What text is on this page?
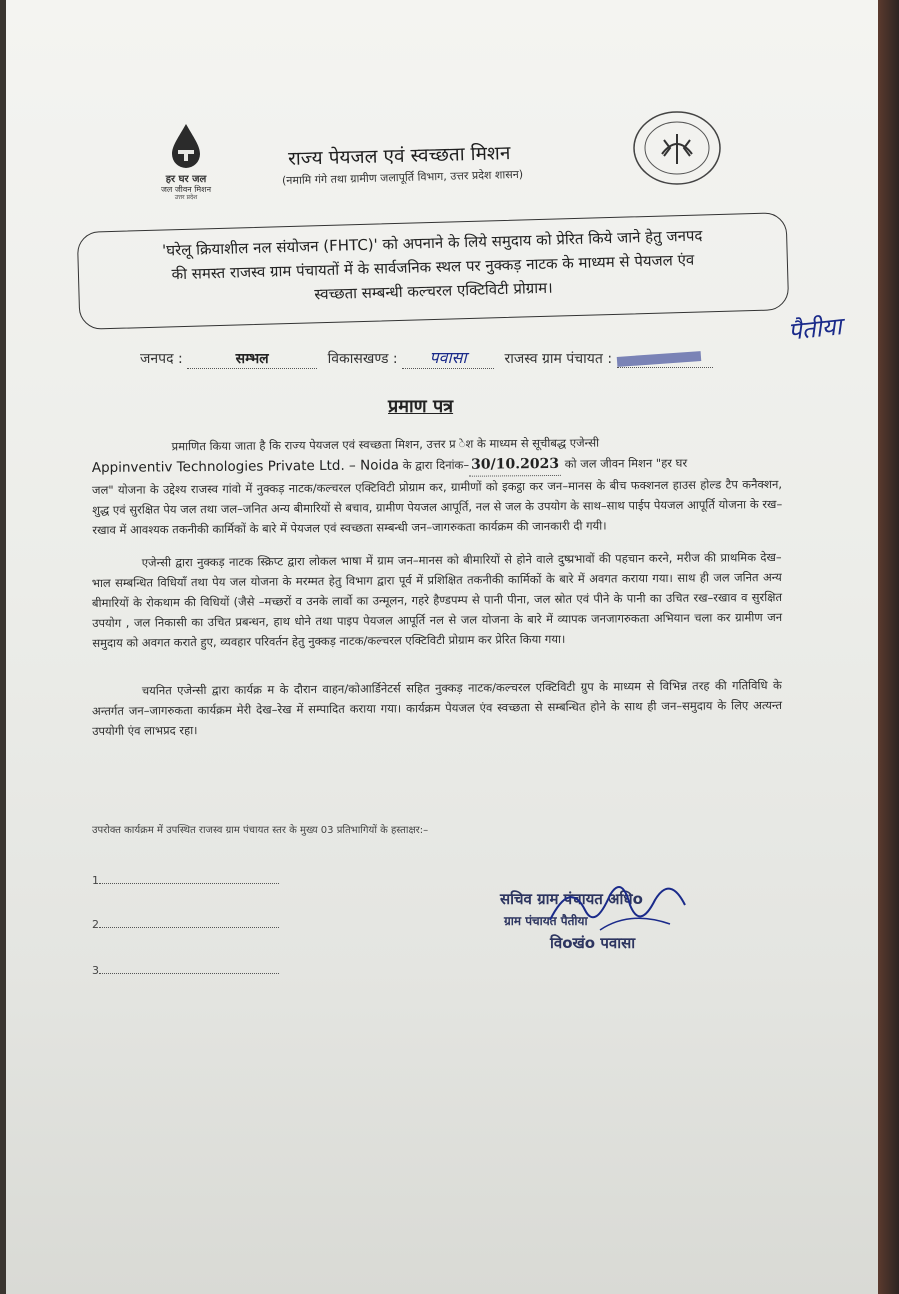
हर घर जल
जल जीवन मिशन
उत्तर प्रदेश
राज्य पेयजल एवं स्वच्छता मिशन
(नमामि गंगे तथा ग्रामीण जलापूर्ति विभाग, उत्तर प्रदेश शासन)

'घरेलू क्रियाशील नल संयोजन (FHTC)' को अपनाने के लिये समुदाय को प्रेरित किये जाने हेतु जनपद
की समस्त राजस्व ग्राम पंचायतों में के सार्वजनिक स्थल पर नुक्कड़ नाटक के माध्यम से पेयजल एंव
स्वच्छता सम्बन्धी कल्चरल एक्टिविटी प्रोग्राम।

जनपद :	सम्भल	विकासखण्ड : पवासा	राजस्व ग्राम पंचायत :
पैतीया
प्रमाण पत्र

प्रमाणित किया जाता है कि राज्य पेयजल एवं स्वच्छता मिशन, उत्तर प्र ेश के माध्यम से सूचीबद्ध एजेन्सी

Appinventiv Technologies Private Ltd. – Noida के द्वारा दिनांक– 30/10.2023 को जल जीवन मिशन "हर घर

जल" योजना के उद्देश्य राजस्व गांवो में नुक्कड़ नाटक/कल्चरल एक्टिविटी प्रोग्राम कर, ग्रामीणों को इकट्ठा कर जन–मानस के बीच फक्शनल हाउस होल्ड टैप कनैक्शन, शुद्ध एवं सुरक्षित पेय जल तथा जल–जनित अन्य बीमारियों से बचाव, ग्रामीण पेयजल आपूर्ति, नल से जल के उपयोग के साथ–साथ पाईप पेयजल आपूर्ति योजना के रख–रखाव में आवश्यक तकनीकी कार्मिकों के बारे में पेयजल एवं स्वच्छता सम्बन्धी जन–जागरुकता कार्यक्रम की जानकारी दी गयी।

एजेन्सी द्वारा नुक्कड़ नाटक स्क्रिप्ट द्वारा लोकल भाषा में ग्राम जन–मानस को बीमारियों से होने वाले दुष्प्रभावों की पहचान करने, मरीज की प्राथमिक देख–भाल सम्बन्धित विधियाँ तथा पेय जल योजना के मरम्मत हेतु विभाग द्वारा पूर्व में प्रशिक्षित तकनीकी कार्मिकों के बारे में अवगत कराया गया। साथ ही जल जनित अन्य बीमारियों के रोकथाम की विधियों (जैसे –मच्छरों व उनके लार्वो का उन्मूलन, गहरे हैण्डपम्प से पानी पीना, जल स्रोत एवं पीने के पानी का उचित रख–रखाव व सुरक्षित उपयोग , जल निकासी का उचित प्रबन्धन, हाथ धोने तथा पाइप पेयजल आपूर्ति नल से जल योजना के बारे में व्यापक जनजागरुकता अभियान चला कर ग्रामीण जन समुदाय को अवगत कराते हुए, व्यवहार परिवर्तन हेतु नुक्कड़ नाटक/कल्चरल एक्टिविटी प्रोग्राम कर प्रेरित किया गया।

चयनित एजेन्सी द्वारा कार्यक्र म के दौरान वाहन/कोआर्डिनेटर्स सहित नुक्कड़ नाटक/कल्चरल एक्टिविटी ग्रुप के माध्यम से विभिन्न तरह की गतिविधि के अन्तर्गत जन–जागरुकता कार्यक्रम मेरी देख–रेख में सम्पादित कराया गया। कार्यक्रम पेयजल एंव स्वच्छता से सम्बन्धित होने के साथ ही जन–समुदाय के लिए अत्यन्त उपयोगी एंव लाभप्रद रहा।

उपरोक्त कार्यक्रम में उपस्थित राजस्व ग्राम पंचायत स्तर के मुख्य 03 प्रतिभागियों के हस्ताक्षर:–
1
2
3
सचिव ग्राम पंचायत अधिo
ग्राम पंचायत पैतीया
विoखंo पवासा
